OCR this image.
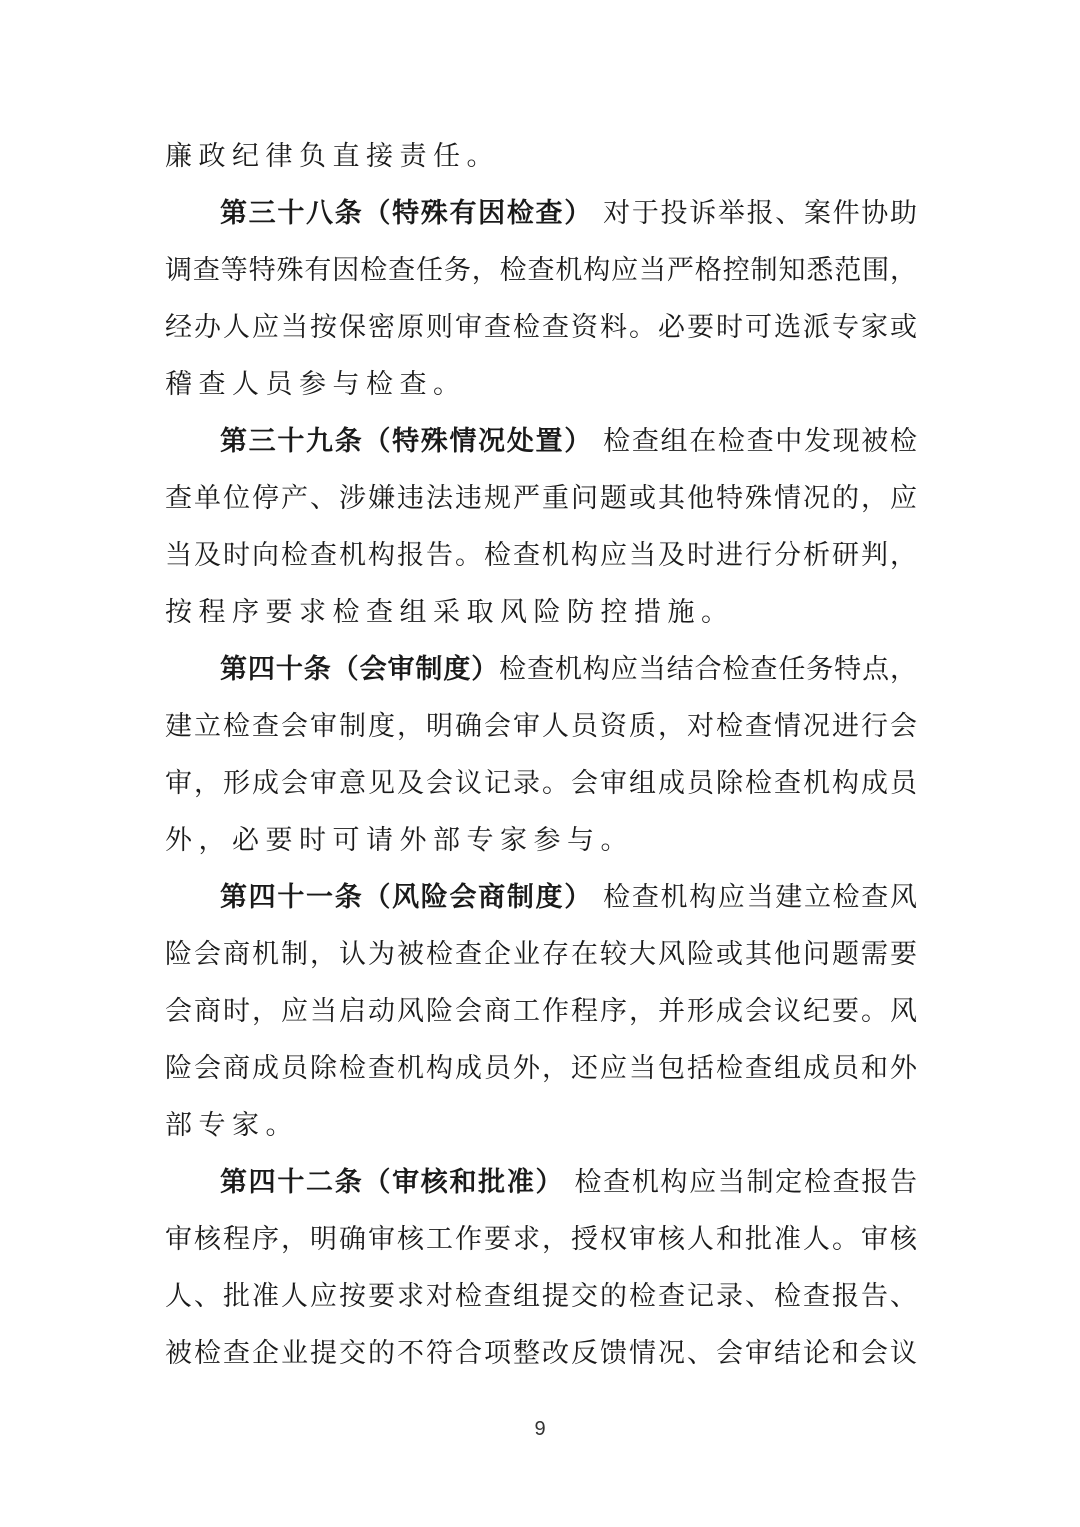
廉政纪律负直接责任。
第三十八条（特殊有因检查） 对于投诉举报、案件协助
调查等特殊有因检查任务，检查机构应当严格控制知悉范围，
经办人应当按保密原则审查检查资料。必要时可选派专家或
稽查人员参与检查。
第三十九条（特殊情况处置） 检查组在检查中发现被检
查单位停产、涉嫌违法违规严重问题或其他特殊情况的，应
当及时向检查机构报告。检查机构应当及时进行分析研判，
按程序要求检查组采取风险防控措施。
第四十条（会审制度）检查机构应当结合检查任务特点，
建立检查会审制度，明确会审人员资质，对检查情况进行会
审，形成会审意见及会议记录。会审组成员除检查机构成员
外，必要时可请外部专家参与。
第四十一条（风险会商制度） 检查机构应当建立检查风
险会商机制，认为被检查企业存在较大风险或其他问题需要
会商时，应当启动风险会商工作程序，并形成会议纪要。风
险会商成员除检查机构成员外，还应当包括检查组成员和外
部专家。
第四十二条（审核和批准） 检查机构应当制定检查报告
审核程序，明确审核工作要求，授权审核人和批准人。审核
人、批准人应按要求对检查组提交的检查记录、检查报告、
被检查企业提交的不符合项整改反馈情况、会审结论和会议
9
